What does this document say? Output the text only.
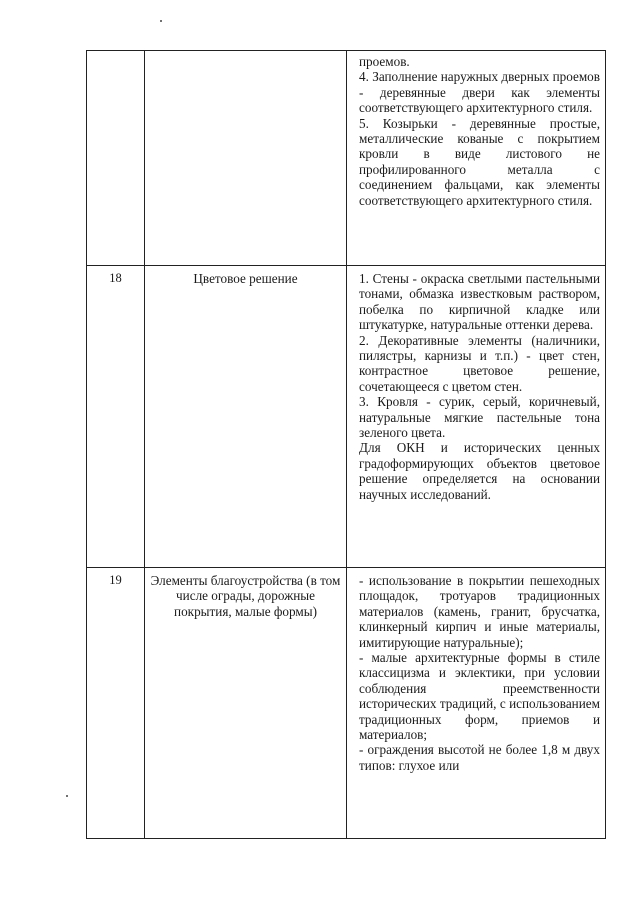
		проемов.

4. Заполнение наружных дверных проемов - деревянные двери как элементы соответствующего архитектурного стиля.

5. Козырьки - деревянные простые, металлические кованые с покрытием кровли в виде листового не профилированного металла с соединением фальцами, как элементы соответствующего архитектурного стиля.

18	Цветовое решение	1. Стены - окраска светлыми пастельными тонами, обмазка известковым раствором, побелка по кирпичной кладке или штукатурке, натуральные оттенки дерева.

2. Декоративные элементы (наличники, пилястры, карнизы и т.п.) - цвет стен, контрастное цветовое решение, сочетающееся с цветом стен.

3. Кровля - сурик, серый, коричневый, натуральные мягкие пастельные тона зеленого цвета.

Для ОКН и исторических ценных градоформирующих объектов цветовое решение определяется на основании научных исследований.

19	Элементы благоустройства (в том числе ограды, дорожные покрытия, малые формы)	- использование в покрытии пешеходных площадок, тротуаров традиционных материалов (камень, гранит, брусчатка, клинкерный кирпич и иные материалы, имитирующие натуральные);

- малые архитектурные формы в стиле классицизма и эклектики, при условии соблюдения преемственности исторических традиций, с использованием традиционных форм, приемов и материалов;

- ограждения высотой не более 1,8 м двух типов: глухое или
